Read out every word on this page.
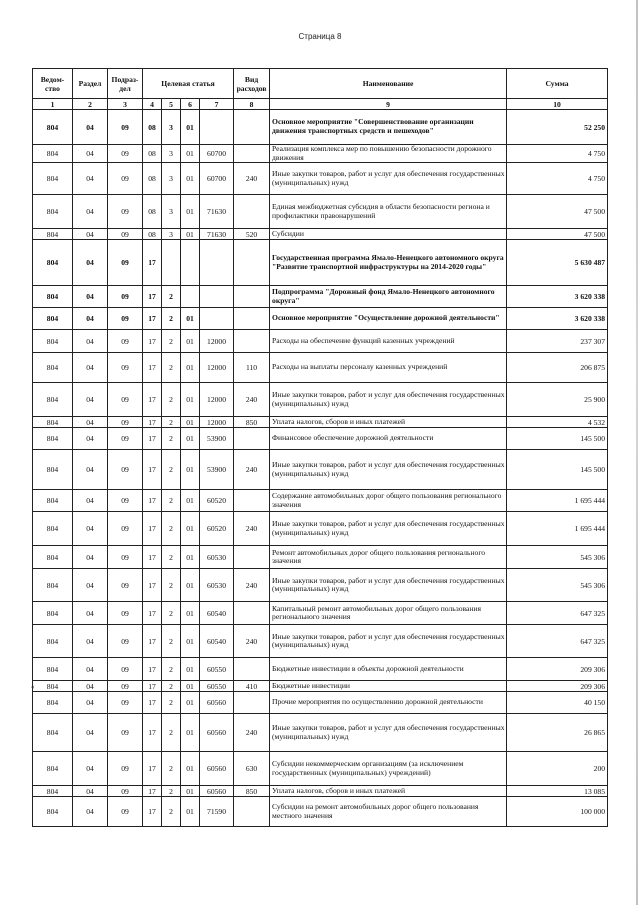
Страница 8
Ведом-ство	Раздел	Подраз-дел	Целевая статья				Вид расходов	Наименование	Сумма
1	2	3	4	5	6	7	8	9	10
804	04	09	08	3	01			Основное мероприятие "Совершенствование организации движения транспортных средств и пешеходов"	52 250
804	04	09	08	3	01	60700		Реализация комплекса мер по повышению безопасности дорожного движения	4 750
804	04	09	08	3	01	60700	240	Иные закупки товаров, работ и услуг для обеспечения государственных (муниципальных) нужд	4 750
804	04	09	08	3	01	71630		Единая межбюджетная субсидия в области безопасности региона и профилактики правонарушений	47 500
804	04	09	08	3	01	71630	520	Субсидии	47 500
804	04	09	17					Государственная программа Ямало-Ненецкого автономного округа "Развитие транспортной инфраструктуры на 2014-2020 годы"	5 630 487
804	04	09	17	2				Подпрограмма "Дорожный фонд Ямало-Ненецкого автономного округа"	3 620 338
804	04	09	17	2	01			Основное мероприятие "Осуществление дорожной деятельности"	3 620 338
804	04	09	17	2	01	12000		Расходы на обеспечение функций казенных учреждений	237 307
804	04	09	17	2	01	12000	110	Расходы на выплаты персоналу казенных учреждений	206 875
804	04	09	17	2	01	12000	240	Иные закупки товаров, работ и услуг для обеспечения государственных (муниципальных) нужд	25 900
804	04	09	17	2	01	12000	850	Уплата налогов, сборов и иных платежей	4 532
804	04	09	17	2	01	53900		Финансовое обеспечение дорожной деятельности	145 500
804	04	09	17	2	01	53900	240	Иные закупки товаров, работ и услуг для обеспечения государственных (муниципальных) нужд	145 500
804	04	09	17	2	01	60520		Содержание автомобильных дорог общего пользования регионального значения	1 695 444
804	04	09	17	2	01	60520	240	Иные закупки товаров, работ и услуг для обеспечения государственных (муниципальных) нужд	1 695 444
804	04	09	17	2	01	60530		Ремонт автомобильных дорог общего пользования регионального значения	545 306
804	04	09	17	2	01	60530	240	Иные закупки товаров, работ и услуг для обеспечения государственных (муниципальных) нужд	545 306
804	04	09	17	2	01	60540		Капитальный ремонт автомобильных дорог общего пользования регионального значения	647 325
804	04	09	17	2	01	60540	240	Иные закупки товаров, работ и услуг для обеспечения государственных (муниципальных) нужд	647 325
804	04	09	17	2	01	60550		Бюджетные инвестиции в объекты дорожной деятельности	209 306
804	04	09	17	2	01	60550	410	Бюджетные инвестиции	209 306
804	04	09	17	2	01	60560		Прочие мероприятия по осуществлению дорожной деятельности	40 150
804	04	09	17	2	01	60560	240	Иные закупки товаров, работ и услуг для обеспечения государственных (муниципальных) нужд	26 865
804	04	09	17	2	01	60560	630	Субсидии некоммерческим организациям (за исключением государственных (муниципальных) учреждений)	200
804	04	09	17	2	01	60560	850	Уплата налогов, сборов и иных платежей	13 085
804	04	09	17	2	01	71590		Субсидии на ремонт автомобильных дорог общего пользования местного значения	100 000
«
